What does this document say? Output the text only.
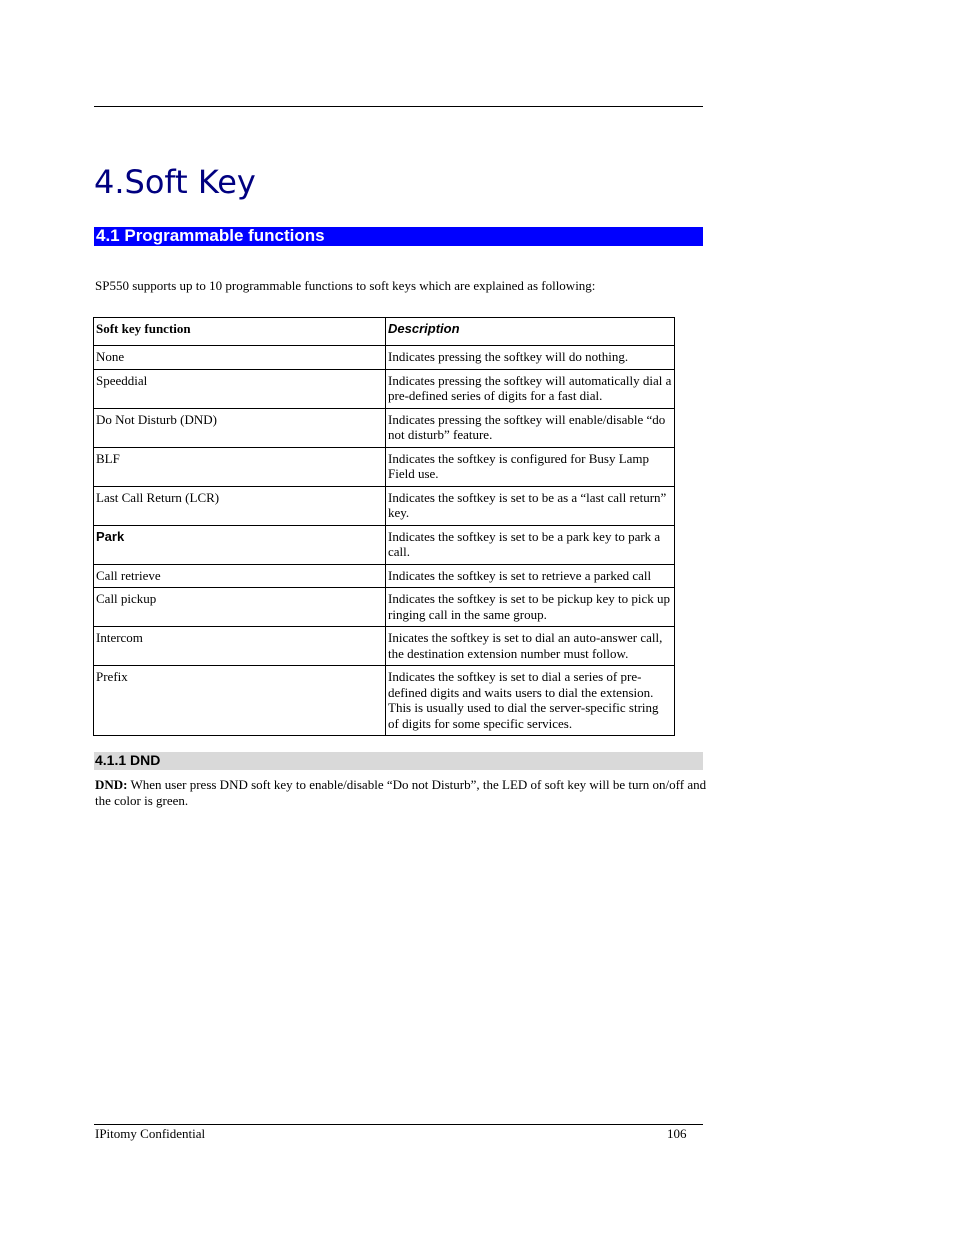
4.Soft Key
4.1 Programmable functions

SP550 supports up to 10 programmable functions to soft keys which are explained as following:

Soft key function	Description
None	Indicates pressing the softkey will do nothing.
Speeddial	Indicates pressing the softkey will automatically dial a pre-defined series of digits for a fast dial.
Do Not Disturb (DND)	Indicates pressing the softkey will enable/disable “do not disturb” feature.
BLF	Indicates the softkey is configured for Busy Lamp Field use.
Last Call Return (LCR)	Indicates the softkey is set to be as a “last call return” key.
Park	Indicates the softkey is set to be a park key to park a call.
Call retrieve	Indicates the softkey is set to retrieve a parked call
Call pickup	Indicates the softkey is set to be pickup key to pick up ringing call in the same group.
Intercom	Inicates the softkey is set to dial an auto-answer call, the destination extension number must follow.
Prefix	Indicates the softkey is set to dial a series of pre-defined digits and waits users to dial the extension. This is usually used to dial the server-specific string of digits for some specific services.
4.1.1 DND

DND: When user press DND soft key to enable/disable “Do not Disturb”, the LED of soft key will be turn on/off and the color is green.

IPitomy Confidential	106
